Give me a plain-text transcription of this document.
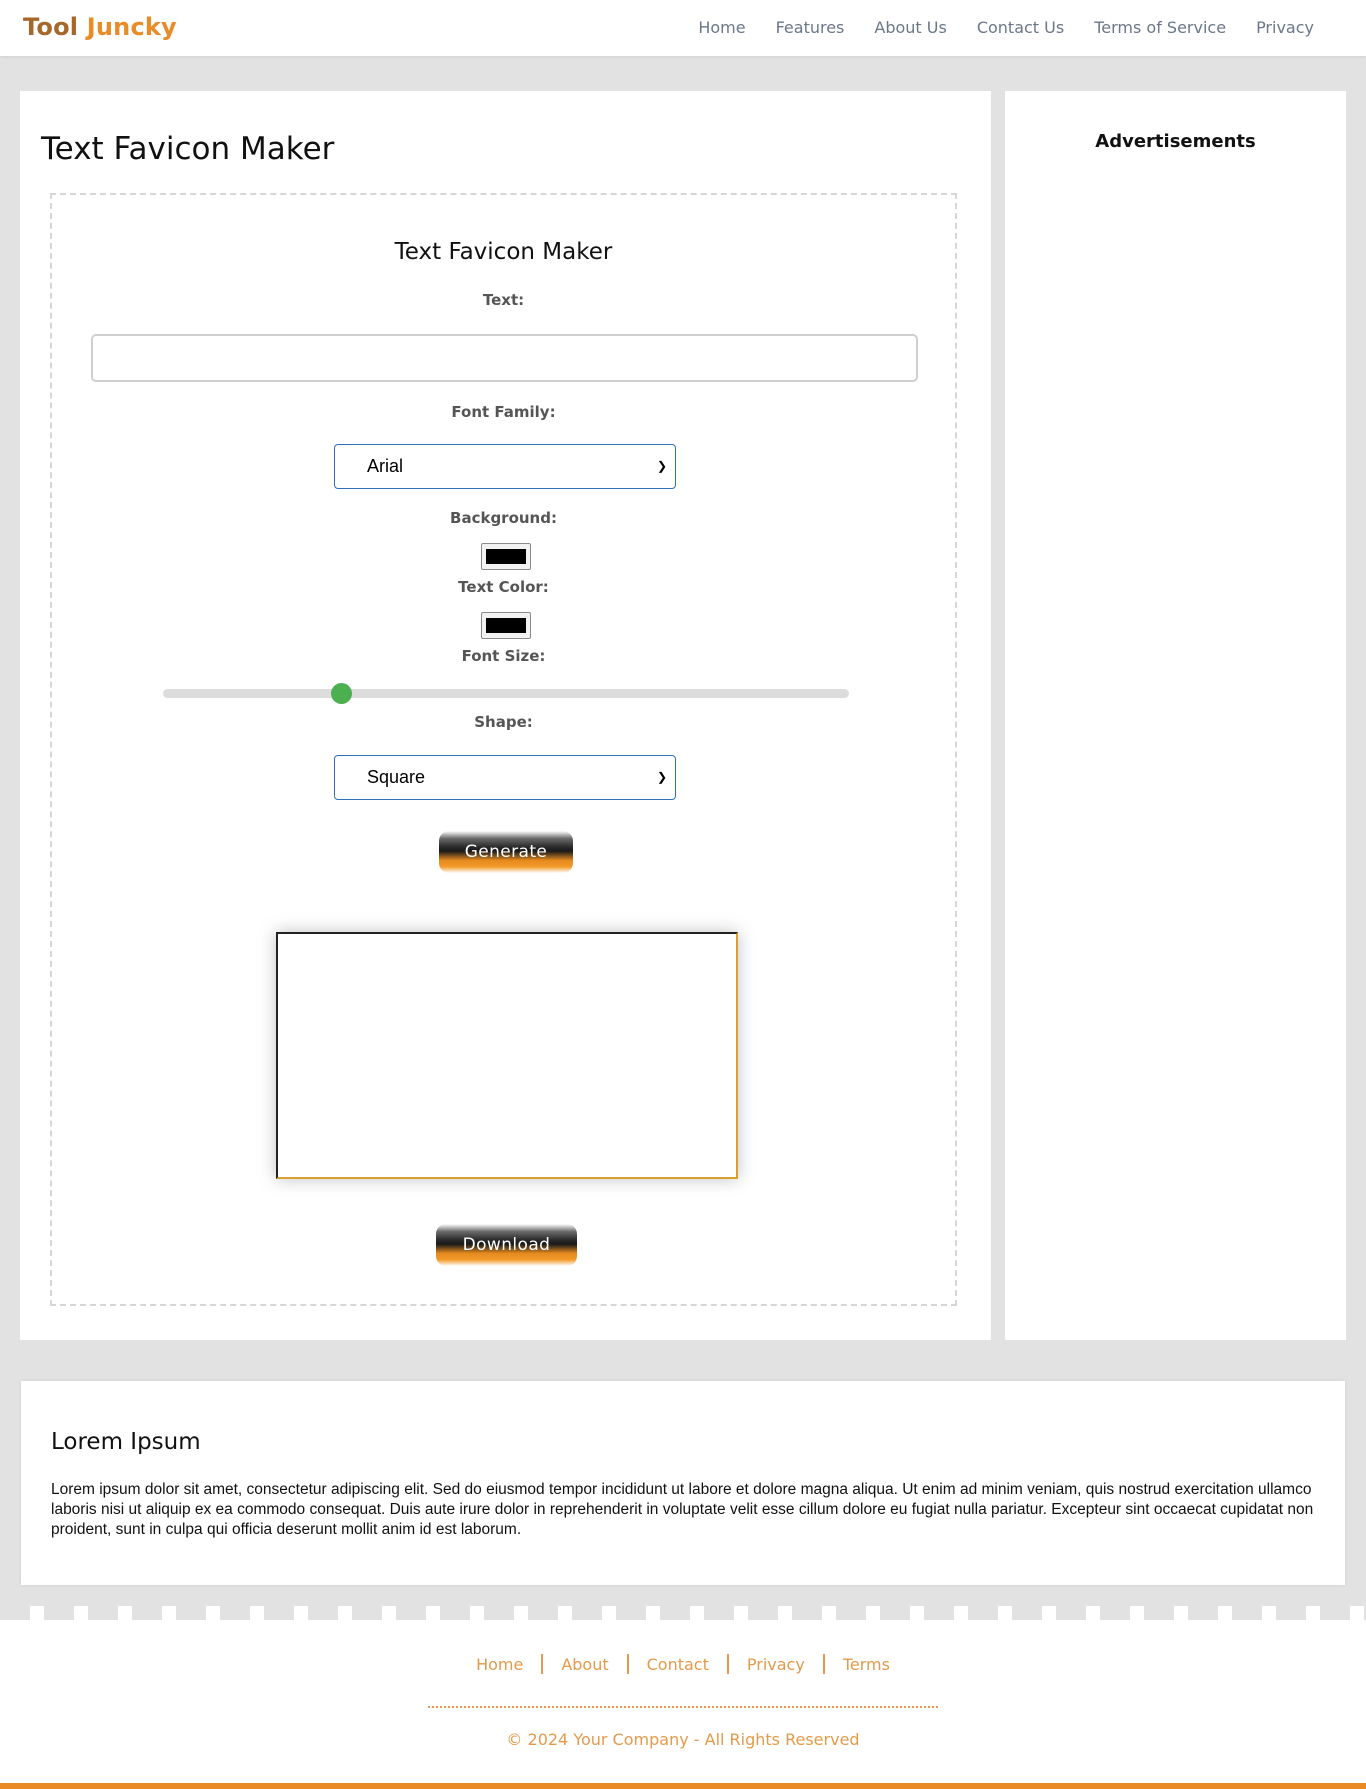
Tool Juncky	Home Features About Us Contact Us Terms of Service Privacy
Text Favicon Maker
Text Favicon Maker
Text:
Font Family:
Arial	❯
Background:
Text Color:
Font Size:
Shape:
Square	❯
Generate
Download
Advertisements
Lorem Ipsum

Lorem ipsum dolor sit amet, consectetur adipiscing elit. Sed do eiusmod tempor incididunt ut labore et dolore magna aliqua. Ut enim ad minim veniam, quis nostrud exercitation ullamco laboris nisi ut aliquip ex ea commodo consequat. Duis aute irure dolor in reprehenderit in voluptate velit esse cillum dolore eu fugiat nulla pariatur. Excepteur sint occaecat cupidatat non proident, sunt in culpa qui officia deserunt mollit anim id est laborum.

Home	About	Contact	Privacy	Terms
© 2024 Your Company - All Rights Reserved
